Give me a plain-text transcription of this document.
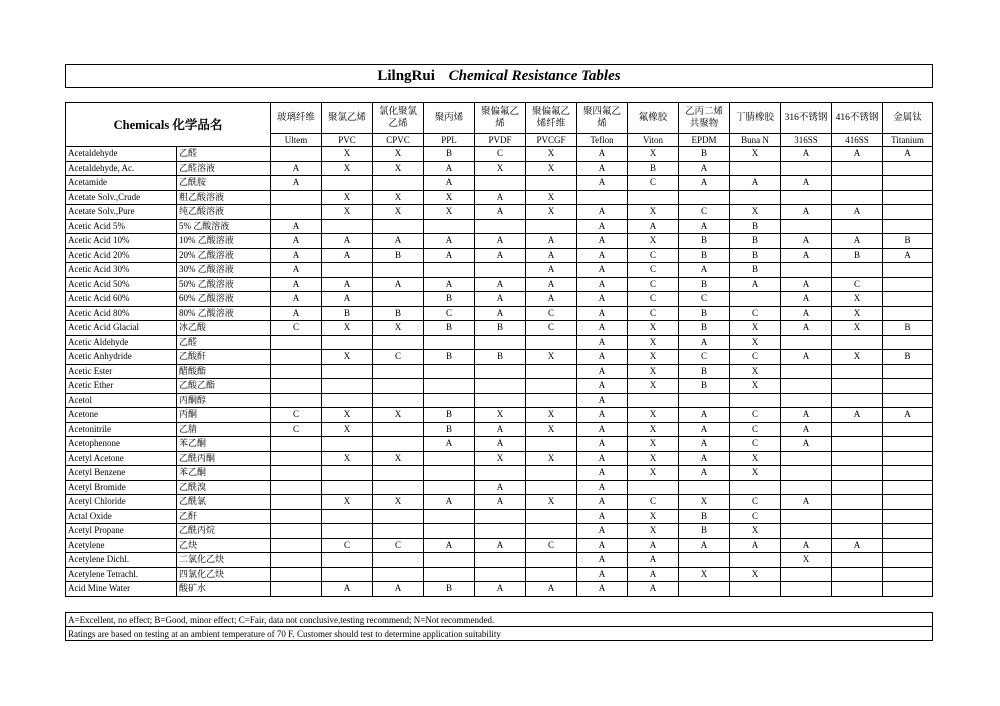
LilngRui Chemical Resistance Tables
Chemicals 化学品名		玻璃纤维	聚氯乙烯	氯化聚氯乙烯	聚丙烯	聚偏氟乙烯	聚偏氟乙烯纤维	聚四氟乙烯	氟橡胶	乙丙二烯共聚物	丁腈橡胶	316不锈钢	416不锈钢	金属钛
		Ultem	PVC	CPVC	PPL	PVDF	PVCGF	Teflon	Viton	EPDM	Buna N	316SS	416SS	Titanium
Acetaldehyde	乙醛		X	X	B	C	X	A	X	B	X	A	A	A
Acetaldehyde, Ac.	乙醛溶液	A	X	X	A	X	X	A	B	A				
Acetamide	乙酰胺	A			A			A	C	A	A	A		
Acetate Solv.,Crude	粗乙酸溶液		X	X	X	A	X							
Acetate Solv.,Pure	纯乙酸溶液		X	X	X	A	X	A	X	C	X	A	A	
Acetic Acid 5%	5% 乙酸溶液	A						A	A	A	B			
Acetic Acid 10%	10% 乙酸溶液	A	A	A	A	A	A	A	X	B	B	A	A	B
Acetic Acid 20%	20% 乙酸溶液	A	A	B	A	A	A	A	C	B	B	A	B	A
Acetic Acid 30%	30% 乙酸溶液	A					A	A	C	A	B			
Acetic Acid 50%	50% 乙酸溶液	A	A	A	A	A	A	A	C	B	A	A	C	
Acetic Acid 60%	60% 乙酸溶液	A	A		B	A	A	A	C	C		A	X	
Acetic Acid 80%	80% 乙酸溶液	A	B	B	C	A	C	A	C	B	C	A	X	
Acetic Acid Glacial	冰乙酸	C	X	X	B	B	C	A	X	B	X	A	X	B
Acetic Aldehyde	乙醛							A	X	A	X			
Acetic Anhydride	乙酸酐		X	C	B	B	X	A	X	C	C	A	X	B
Acetic Ester	醋酸酯							A	X	B	X			
Acetic Ether	乙酸乙酯							A	X	B	X			
Acetol	丙酮醇							A						
Acetone	丙酮	C	X	X	B	X	X	A	X	A	C	A	A	A
Acetonitrile	乙腈	C	X		B	A	X	A	X	A	C	A		
Acetophenone	苯乙酮				A	A		A	X	A	C	A		
Acetyl Acetone	乙酰丙酮		X	X		X	X	A	X	A	X			
Acetyl Benzene	苯乙酮							A	X	A	X			
Acetyl Bromide	乙酰溴					A		A						
Acetyl Chloride	乙酰氯		X	X	A	A	X	A	C	X	C	A		
Actal Oxide	乙酐							A	X	B	C			
Acetyl Propane	乙酰丙烷							A	X	B	X			
Acetylene	乙炔		C	C	A	A	C	A	A	A	A	A	A	
Acetylene Dichl.	二氯化乙炔							A	A			X		
Acetylene Tetrachl.	四氯化乙炔							A	A	X	X			
Acid Mine Water	酸矿水		A	A	B	A	A	A	A					
A=Excellent, no effect; B=Good, minor effect; C=Fair, data not conclusive,testing recommend; N=Not recommended.
Ratings are based on testing at an ambient temperature of 70 F. Customer should test to determine application suitability
